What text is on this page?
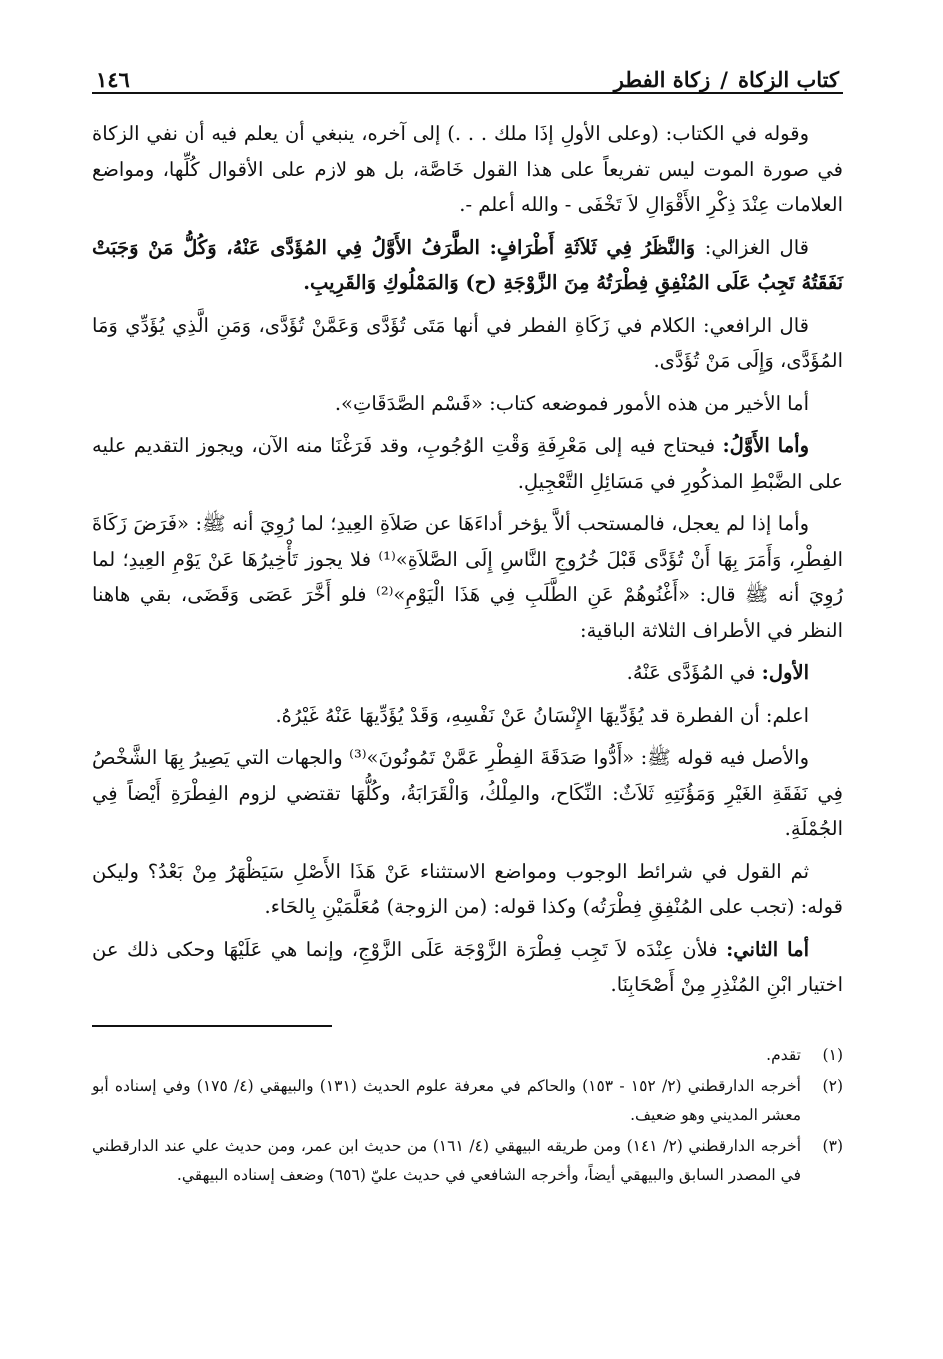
كتاب الزكاة/زكاة الفطر
١٤٦

وقوله في الكتاب: (وعلى الأولِ إذَا ملك . . .) إلى آخره، ينبغي أن يعلم فيه أن نفي الزكاة في صورة الموت ليس تفريعاً على هذا القول خَاصَّة، بل هو لازم على الأقوال كُلِّها، ومواضع العلامات عِنْدَ ذِكْرِ الأَقْوَالِ لاَ تَخْفَى - والله أعلم -.

قال الغزالي: وَالنَّظَرُ فِي ثَلاَثَةِ أَطْرَافٍ: الطَّرَفُ الأَوَّلُ فِي المُؤَدَّى عَنْهُ، وَكُلُّ مَنْ وَجَبَتْ نَفَقَتُهُ تَجِبُ عَلَى المُنْفِقِ فِطْرَتُهُ مِنَ الزَّوْجَةِ (ح) وَالمَمْلُوكِ وَالقَرِيبِ.

قال الرافعي: الكلام في زَكَاةِ الفطر في أنها مَتَى تُؤَدَّى وَعَمَّنْ تُؤَدَّى، وَمَنِ الَّذِي يُؤَدِّي وَمَا المُؤَدَّى، وَإِلَى مَنْ تُؤَدَّى.

أما الأخير من هذه الأمور فموضعه كتاب: «قَسْم الصَّدَقَاتِ».

وأما الأَوَّلُ: فيحتاج فيه إلى مَعْرِفَةِ وَقْتِ الوُجُوبِ، وقد فَرَغْنَا منه الآن، ويجوز التقديم عليه على الضَّبْطِ المذكُورِ في مَسَائِلِ التَّعْجِيلِ.

وأما إذا لم يعجل، فالمستحب ألاَّ يؤخر أداءَهَا عن صَلاَةِ العِيدِ؛ لما رُوِيَ أنه ﷺ: «فَرَضَ زَكَاةَ الفِطْرِ، وَأَمَرَ بِهَا أَنْ تُؤَدَّى قَبْلَ خُرُوجِ النَّاسِ إِلَى الصَّلاَةِ»⁽¹⁾ فلا يجوز تَأْخِيرُهَا عَنْ يَوْمِ العِيدِ؛ لما رُوِيَ أنه ﷺ قال: «أَغْنُوهُمْ عَنِ الطَّلَبِ فِي هَذَا الْيَوْمِ»⁽²⁾ فلو أَخَّرَ عَصَى وَقَضَى، بقي هاهنا النظر في الأطراف الثلاثة الباقية:

الأول: في المُؤَدَّى عَنْهُ.

اعلم: أن الفطرة قد يُؤَدِّيهَا الإِنْسَانُ عَنْ نَفْسِهِ، وَقَدْ يُؤَدِّيهَا عَنْهُ غَيْرُهُ.

والأصل فيه قوله ﷺ: «أَدُّوا صَدَقَةَ الفِطْرِ عَمَّنْ تَمُونُونَ»⁽³⁾ والجهات التي يَصِيرُ بِهَا الشَّخْصُ فِي نَفَقَةِ الغَيْرِ وَمَؤُنَتِهِ ثَلاَثٌ: النِّكَاح، والمِلْكُ، وَالْقَرَابَةُ، وكُلُّهَا تقتضي لزوم الفِطْرَةِ أَيْضاً فِي الجُمْلَةِ.

ثم القول في شرائط الوجوب ومواضع الاستثناء عَنْ هَذَا الأَصْلِ سَيَظْهَرُ مِنْ بَعْدُ؟ وليكن قوله: (تجب على المُنْفِقِ فِطْرَتُه) وكذا قوله: (من الزوجة) مُعَلَّمَيْنِ بِالحَاء.

أما الثاني: فلأن عِنْدَه لاَ تَجِب فِطْرَة الزَّوْجَة عَلَى الزَّوْجِ، وإنما هي عَلَيْهَا وحكى ذلك عن اختيار ابْنِ المُنْذِرِ مِنْ أَصْحَابِنَا.

(١)
تقدم.
(٢)
أخرجه الدارقطني (٢/ ١٥٢ - ١٥٣) والحاكم في معرفة علوم الحديث (١٣١) والبيهقي (٤/ ١٧٥) وفي إسناده أبو معشر المديني وهو ضعيف.
(٣)
أخرجه الدارقطني (٢/ ١٤١) ومن طريقه البيهقي (٤/ ١٦١) من حديث ابن عمر، ومن حديث علي عند الدارقطني في المصدر السابق والبيهقي أيضاً، وأخرجه الشافعي في حديث عليّ (٦٥٦) وضعف إسناده البيهقي.
